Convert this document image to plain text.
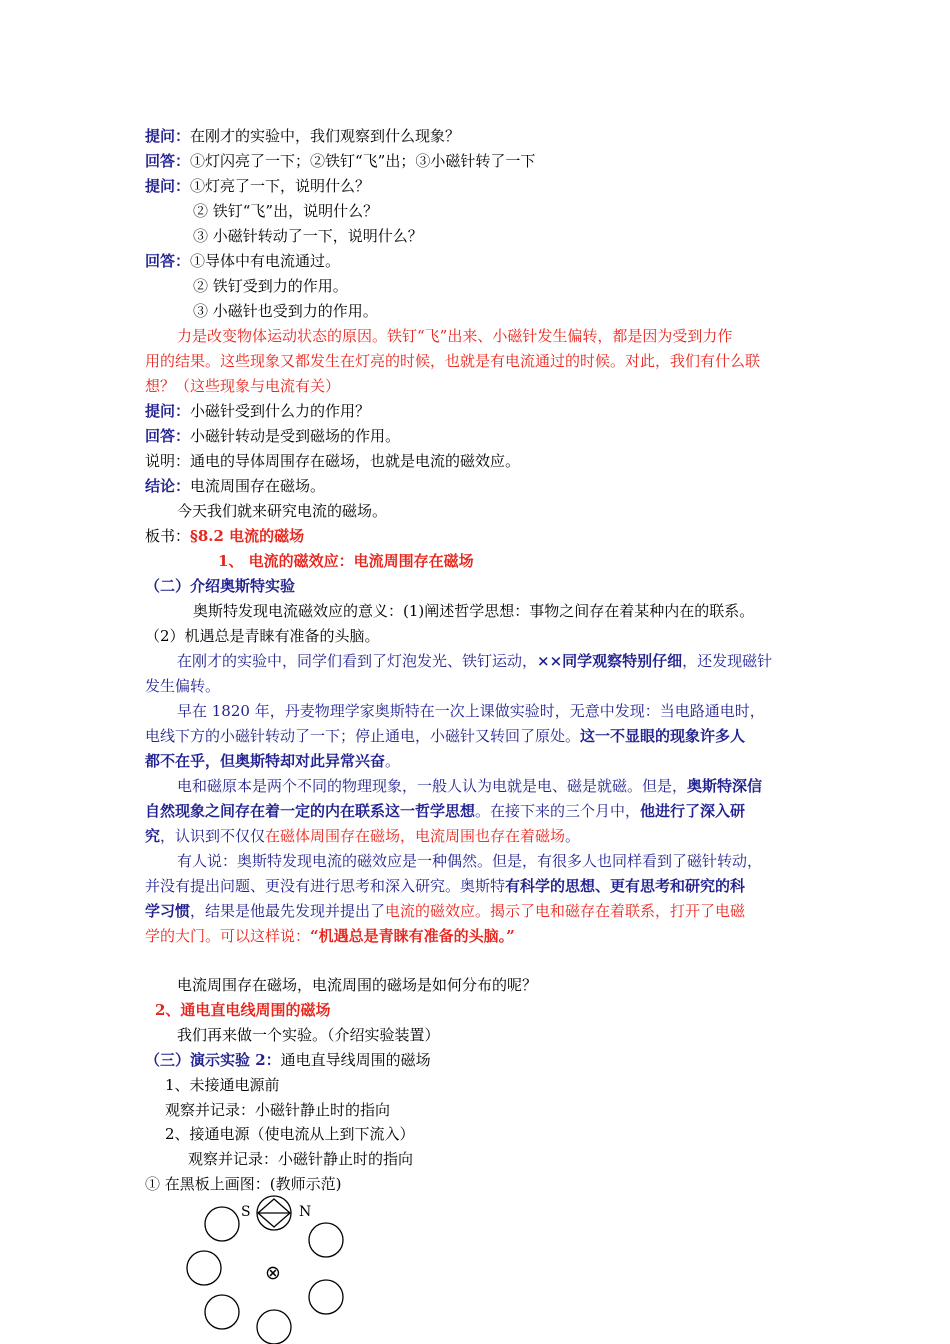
提问：在刚才的实验中，我们观察到什么现象？
回答：①灯闪亮了一下；②铁钉“飞”出；③小磁针转了一下
提问：①灯亮了一下，说明什么？
② 铁钉“飞”出，说明什么？
③ 小磁针转动了一下，说明什么？
回答：①导体中有电流通过。
② 铁钉受到力的作用。
③ 小磁针也受到力的作用。
力是改变物体运动状态的原因。铁钉“飞”出来、小磁针发生偏转，都是因为受到力作
用的结果。这些现象又都发生在灯亮的时候，也就是有电流通过的时候。对此，我们有什么联
想？（这些现象与电流有关）
提问：小磁针受到什么力的作用？
回答：小磁针转动是受到磁场的作用。
说明：通电的导体周围存在磁场，也就是电流的磁效应。
结论：电流周围存在磁场。
今天我们就来研究电流的磁场。
板书：§8.2 电流的磁场
1、 电流的磁效应：电流周围存在磁场
（二）介绍奥斯特实验
奥斯特发现电流磁效应的意义：(1)阐述哲学思想：事物之间存在着某种内在的联系。
（2）机遇总是青睐有准备的头脑。
在刚才的实验中，同学们看到了灯泡发光、铁钉运动，××同学观察特别仔细，还发现磁针
发生偏转。
早在 1820 年，丹麦物理学家奥斯特在一次上课做实验时，无意中发现：当电路通电时，
电线下方的小磁针转动了一下；停止通电，小磁针又转回了原处。这一不显眼的现象许多人
都不在乎，但奥斯特却对此异常兴奋。
电和磁原本是两个不同的物理现象，一般人认为电就是电、磁是就磁。但是，奥斯特深信
自然现象之间存在着一定的内在联系这一哲学思想。在接下来的三个月中，他进行了深入研
究，认识到不仅仅在磁体周围存在磁场，电流周围也存在着磁场。
有人说：奥斯特发现电流的磁效应是一种偶然。但是，有很多人也同样看到了磁针转动，
并没有提出问题、更没有进行思考和深入研究。奥斯特有科学的思想、更有思考和研究的科
学习惯，结果是他最先发现并提出了电流的磁效应。揭示了电和磁存在着联系，打开了电磁
学的大门。可以这样说：“机遇总是青睐有准备的头脑。”
电流周围存在磁场，电流周围的磁场是如何分布的呢？
2、通电直电线周围的磁场
我们再来做一个实验。（介绍实验装置）
（三）演示实验 2：通电直导线周围的磁场
1、未接通电源前
观察并记录：小磁针静止时的指向
2、接通电源（使电流从上到下流入）
观察并记录：小磁针静止时的指向
① 在黑板上画图：(教师示范)
S	N
⊗
